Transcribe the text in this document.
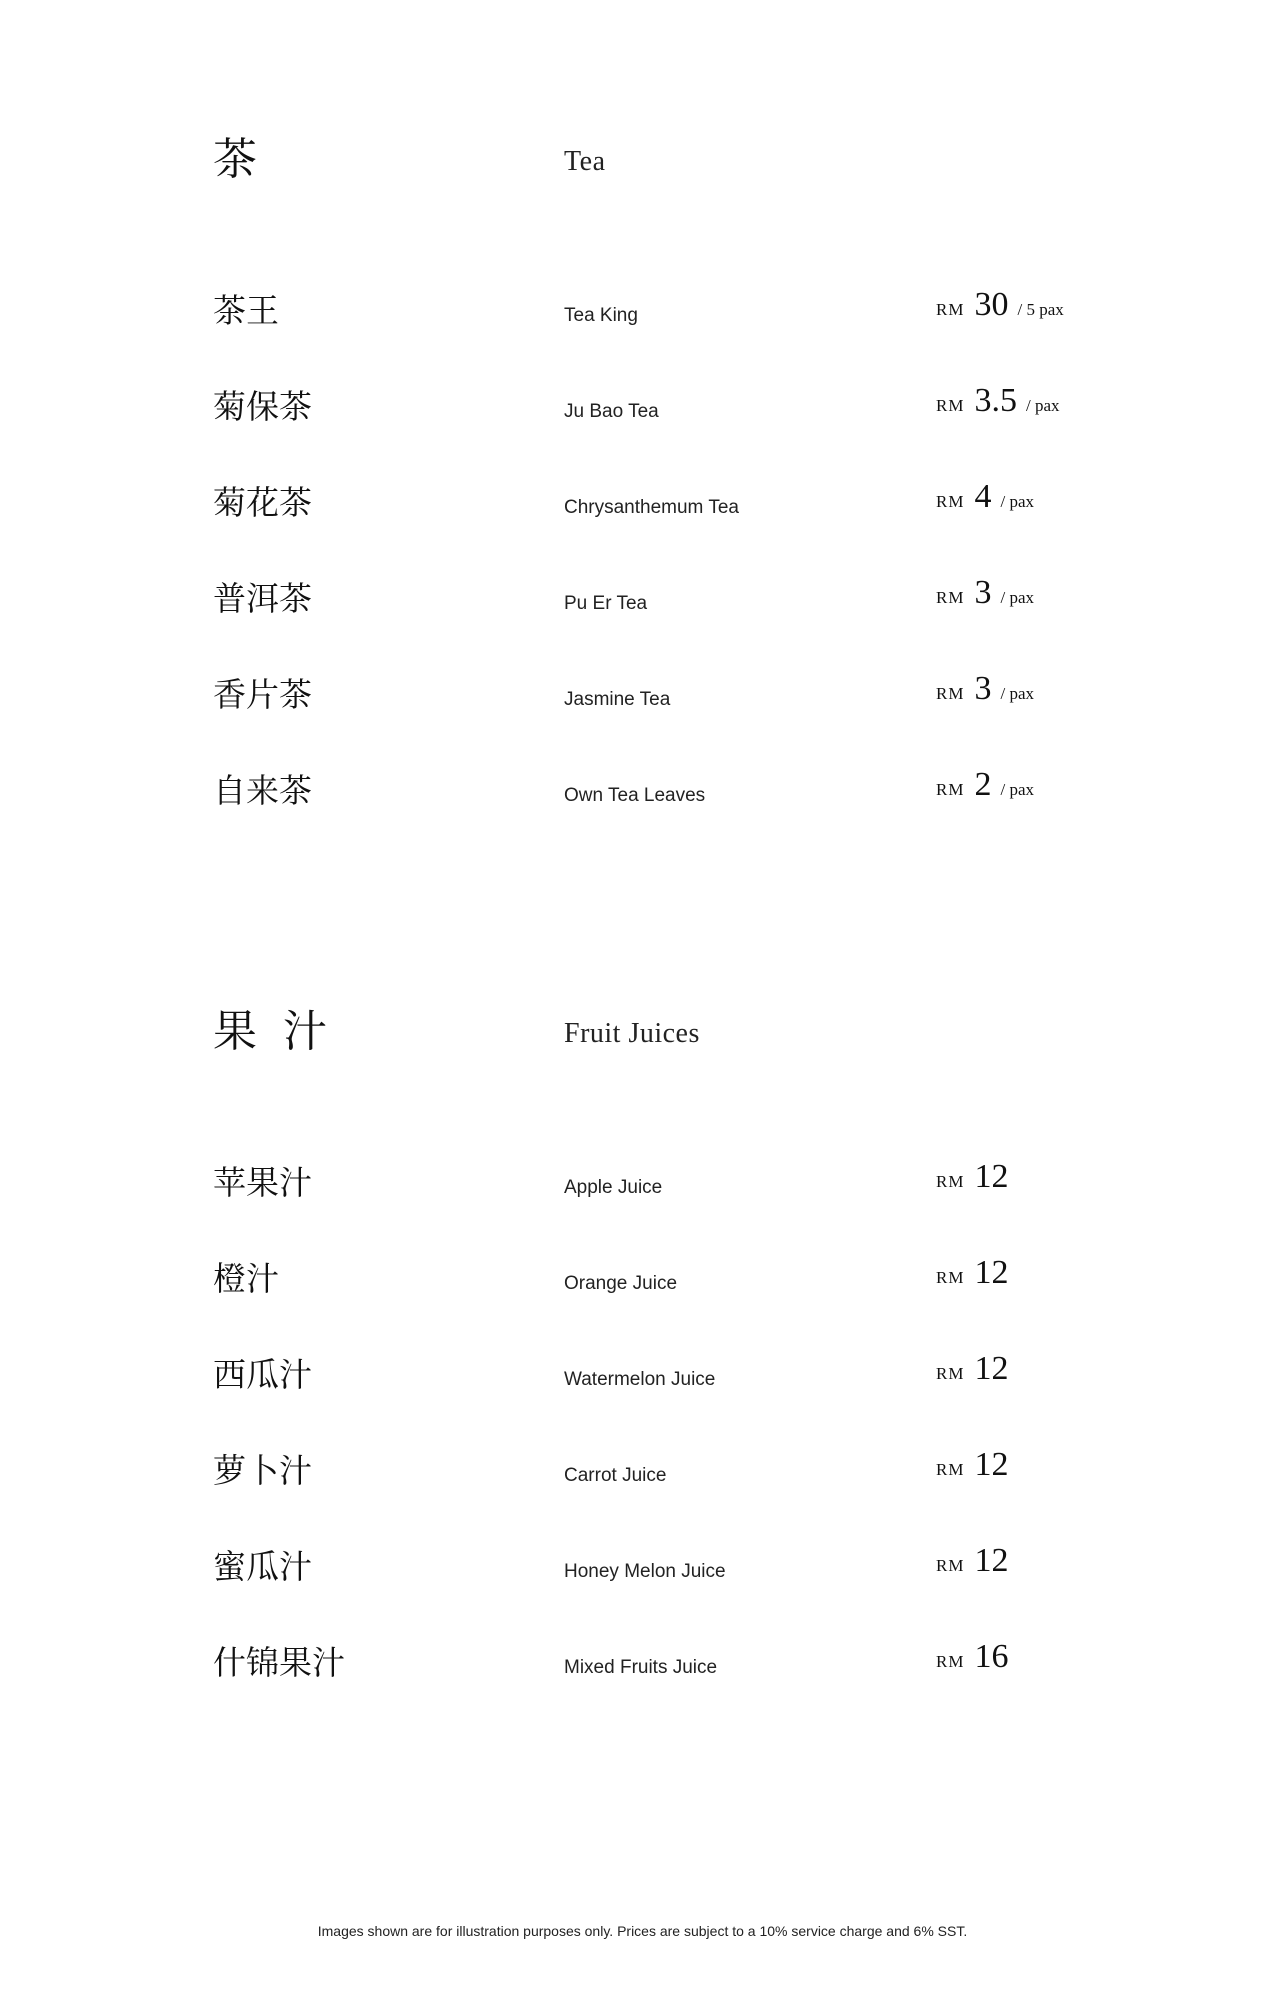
茶	Tea
茶王	Tea King	RM 30 / 5 pax
菊保茶	Ju Bao Tea	RM 3.5 / pax
菊花茶	Chrysanthemum Tea	RM 4 / pax
普洱茶	Pu Er Tea	RM 3 / pax
香片茶	Jasmine Tea	RM 3 / pax
自来茶	Own Tea Leaves	RM 2 / pax
果 汁	Fruit Juices
苹果汁	Apple Juice	RM 12
橙汁	Orange Juice	RM 12
西瓜汁	Watermelon Juice	RM 12
萝卜汁	Carrot Juice	RM 12
蜜瓜汁	Honey Melon Juice	RM 12
什锦果汁	Mixed Fruits Juice	RM 16
Images shown are for illustration purposes only. Prices are subject to a 10% service charge and 6% SST.
